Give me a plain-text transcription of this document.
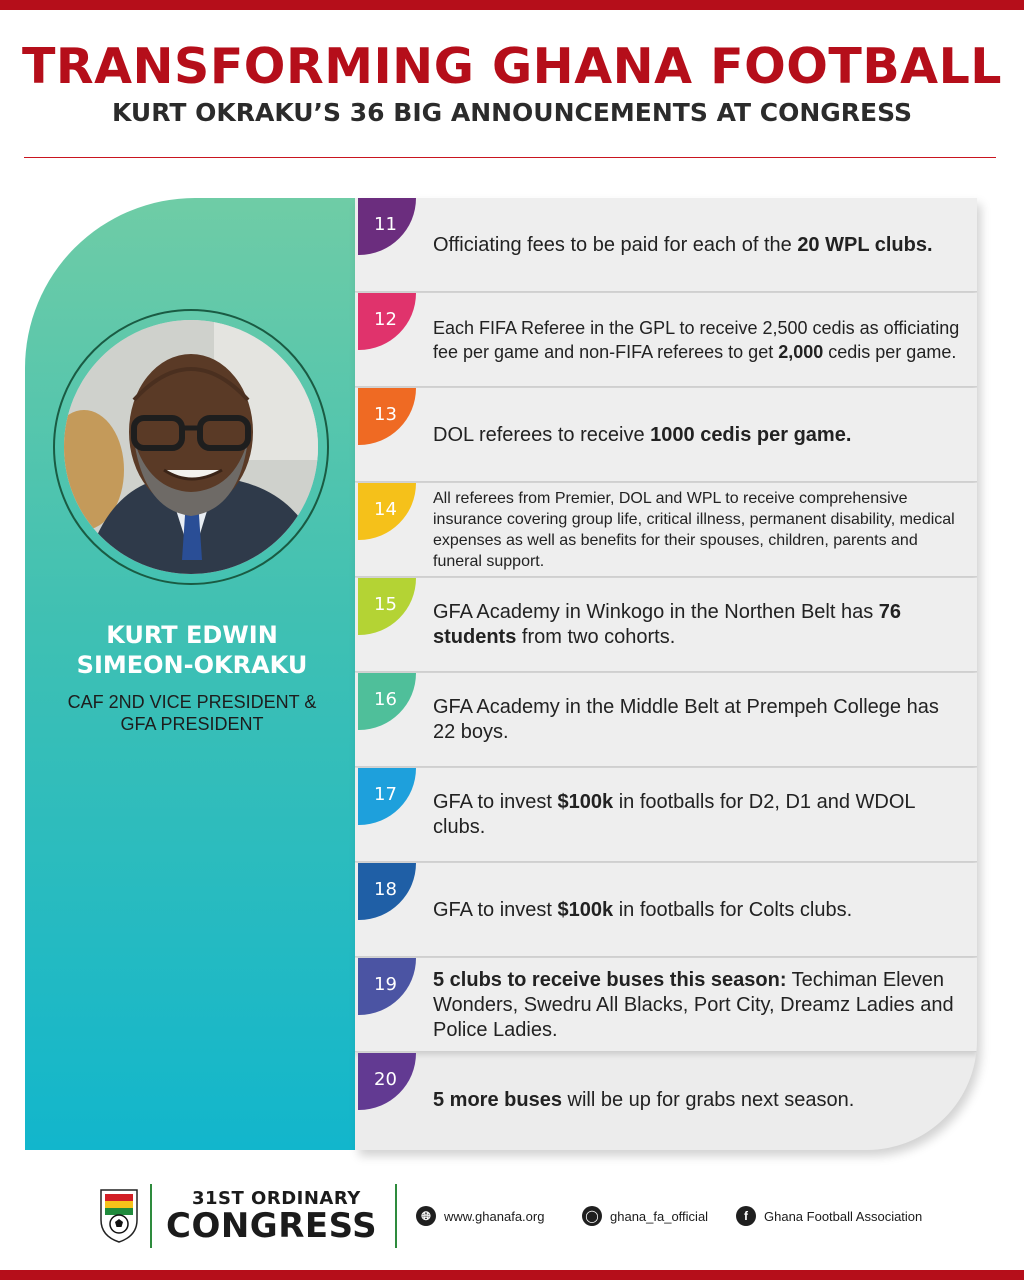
TRANSFORMING GHANA FOOTBALL
KURT OKRAKU’S 36 BIG ANNOUNCEMENTS AT CONGRESS
KURT EDWIN
SIMEON-OKRAKU
CAF 2ND VICE PRESIDENT &
GFA PRESIDENT
11
Officiating fees to be paid for each of the 20 WPL clubs.
12 Each FIFA Referee in the GPL to receive 2,500 cedis as officiating fee per game and non-FIFA referees to get 2,000 cedis per game.
13
DOL referees to receive 1000 cedis per game.
14
All referees from Premier, DOL and WPL to receive comprehensive insurance covering group life, critical illness, permanent disability, medical expenses as well as benefits for their spouses, children, parents and funeral support.
15 GFA Academy in Winkogo in the Northen Belt has 76 students from two cohorts.
16 GFA Academy in the Middle Belt at Prempeh College has 22 boys.
17 GFA to invest $100k in footballs for D2, D1 and WDOL clubs.
18
GFA to invest $100k in footballs for Colts clubs.
19 5 clubs to receive buses this season: Techiman Eleven Wonders, Swedru All Blacks, Port City, Dreamz Ladies and Police Ladies.
20
5 more buses will be up for grabs next season.
31ST ORDINARY
CONGRESS	🌐︎	www.ghanafa.org	◯ ghana_fa_official	f	Ghana Football Association
